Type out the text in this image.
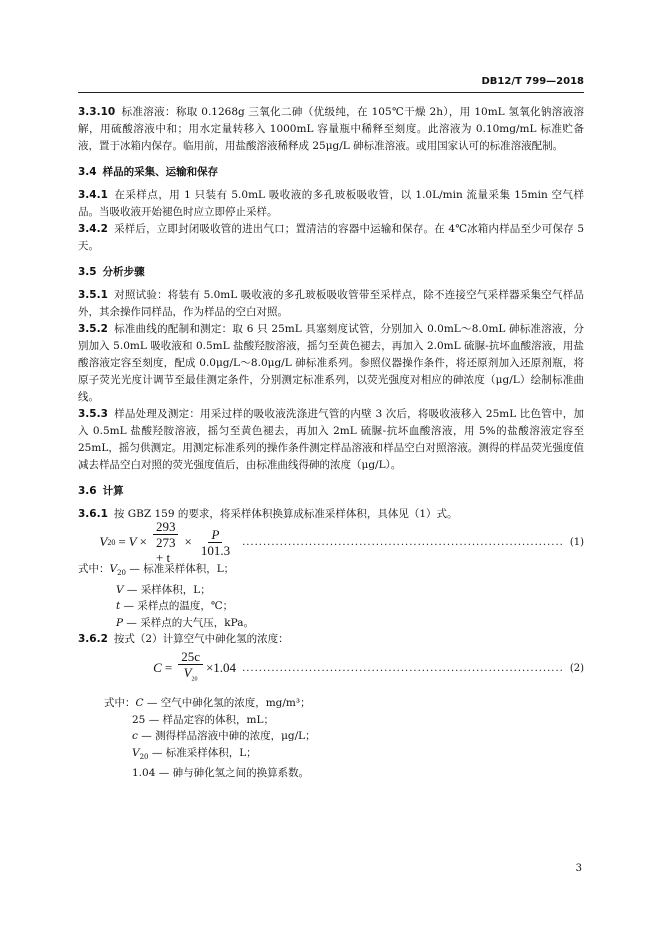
DB12/T 799—2018

3.3.10 标准溶液：称取 0.1268g 三氧化二砷（优级纯，在 105℃干燥 2h），用 10mL 氢氧化钠溶液溶解，用硫酸溶液中和；用水定量转移入 1000mL 容量瓶中稀释至刻度。此溶液为 0.10mg/mL 标准贮备液，置于冰箱内保存。临用前，用盐酸溶液稀释成 25μg/L 砷标准溶液。或用国家认可的标准溶液配制。

3.4 样品的采集、运输和保存

3.4.1 在采样点，用 1 只装有 5.0mL 吸收液的多孔玻板吸收管，以 1.0L/min 流量采集 15min 空气样品。当吸收液开始褪色时应立即停止采样。

3.4.2 采样后，立即封闭吸收管的进出气口；置清洁的容器中运输和保存。在 4℃冰箱内样品至少可保存 5 天。

3.5 分析步骤

3.5.1 对照试验：将装有 5.0mL 吸收液的多孔玻板吸收管带至采样点，除不连接空气采样器采集空气样品外，其余操作同样品，作为样品的空白对照。

3.5.2 标准曲线的配制和测定：取 6 只 25mL 具塞刻度试管，分别加入 0.0mL～8.0mL 砷标准溶液，分别加入 5.0mL 吸收液和 0.5mL 盐酸羟胺溶液，摇匀至黄色褪去，再加入 2.0mL 硫脲-抗坏血酸溶液，用盐酸溶液定容至刻度，配成 0.0μg/L～8.0μg/L 砷标准系列。参照仪器操作条件，将还原剂加入还原剂瓶，将原子荧光光度计调节至最佳测定条件，分别测定标准系列，以荧光强度对相应的砷浓度（μg/L）绘制标准曲线。

3.5.3 样品处理及测定：用采过样的吸收液洗涤进气管的内壁 3 次后，将吸收液移入 25mL 比色管中，加入 0.5mL 盐酸羟胺溶液，摇匀至黄色褪去，再加入 2mL 硫脲-抗坏血酸溶液，用 5%的盐酸溶液定容至 25mL，摇匀供测定。用测定标准系列的操作条件测定样品溶液和样品空白对照溶液。测得的样品荧光强度值减去样品空白对照的荧光强度值后，由标准曲线得砷的浓度（μg/L）。

3.6 计算

3.6.1 按 GBZ 159 的要求，将采样体积换算成标准采样体积，具体见（1）式。

V $20 = V \times \frac{293}{273 + t} \times \frac{P}{101.3}$ ............................................................................. (1)
式中：$V_{20}$ — 标准采样体积，L；
V — 采样体积，L；
t — 采样点的温度，℃；
P — 采样点的大气压，kPa。

3.6.2 按式（2）计算空气中砷化氢的浓度：

$C = \frac{25c}{V_{20}} \times 1.04$ ............................................................................. (2)
式中：C — 空气中砷化氢的浓度，mg/m³；
25 — 样品定容的体积，mL；
c — 测得样品溶液中砷的浓度，μg/L；
$V_{20}$ — 标准采样体积，L；
1.04 — 砷与砷化氢之间的换算系数。
3
